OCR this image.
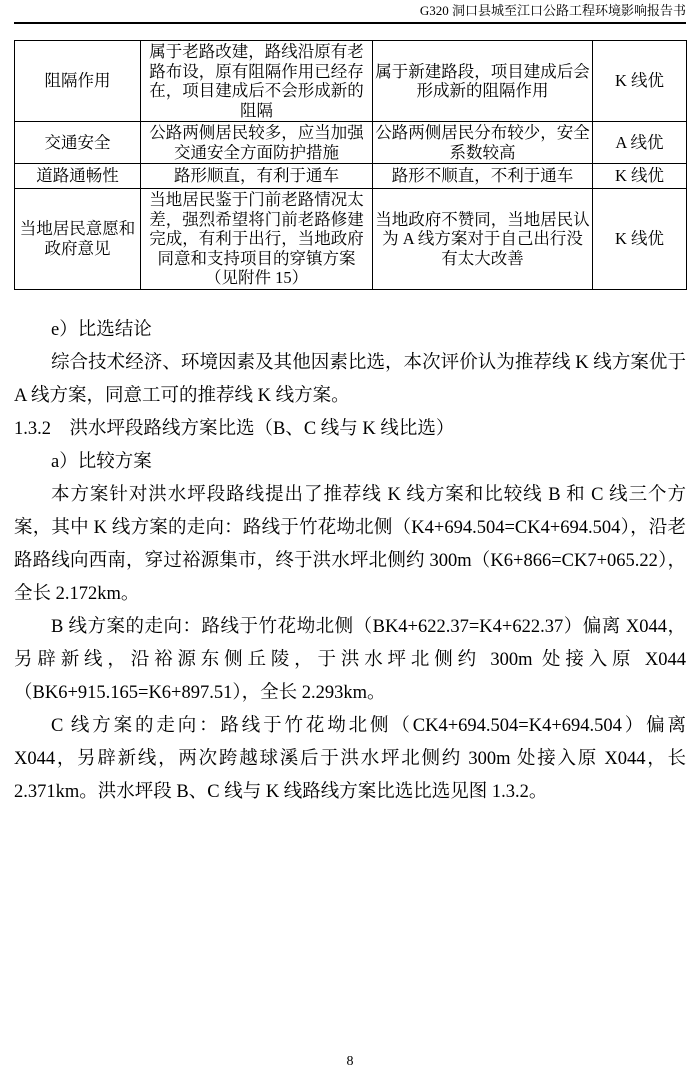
G320 洞口县城至江口公路工程环境影响报告书
阻隔作用	属于老路改建，路线沿原有老路布设，原有阻隔作用已经存在，项目建成后不会形成新的阻隔	属于新建路段，项目建成后会形成新的阻隔作用	K 线优
交通安全	公路两侧居民较多，应当加强交通安全方面防护措施	公路两侧居民分布较少，安全系数较高	A 线优
道路通畅性	路形顺直，有利于通车	路形不顺直，不利于通车	K 线优
当地居民意愿和政府意见	当地居民鉴于门前老路情况太差，强烈希望将门前老路修建完成，有利于出行，当地政府同意和支持项目的穿镇方案（见附件 15）	当地政府不赞同，当地居民认为 A 线方案对于自己出行没有太大改善	K 线优

e）比选结论

综合技术经济、环境因素及其他因素比选，本次评价认为推荐线 K 线方案优于 A 线方案，同意工可的推荐线 K 线方案。

1.3.2　洪水坪段路线方案比选（B、C 线与 K 线比选）

a）比较方案

本方案针对洪水坪段路线提出了推荐线 K 线方案和比较线 B 和 C 线三个方案，其中 K 线方案的走向：路线于竹花坳北侧（K4+694.504=CK4+694.504），沿老路路线向西南，穿过裕源集市，终于洪水坪北侧约 300m（K6+866=CK7+065.22），全长 2.172km。

B 线方案的走向：路线于竹花坳北侧（BK4+622.37=K4+622.37）偏离 X044，另辟新线，沿裕源东侧丘陵，于洪水坪北侧约 300m 处接入原 X044（BK6+915.165=K6+897.51），全长 2.293km。

C 线方案的走向：路线于竹花坳北侧（CK4+694.504=K4+694.504）偏离 X044，另辟新线，两次跨越球溪后于洪水坪北侧约 300m 处接入原 X044，长 2.371km。洪水坪段 B、C 线与 K 线路线方案比选比选见图 1.3.2。

8
